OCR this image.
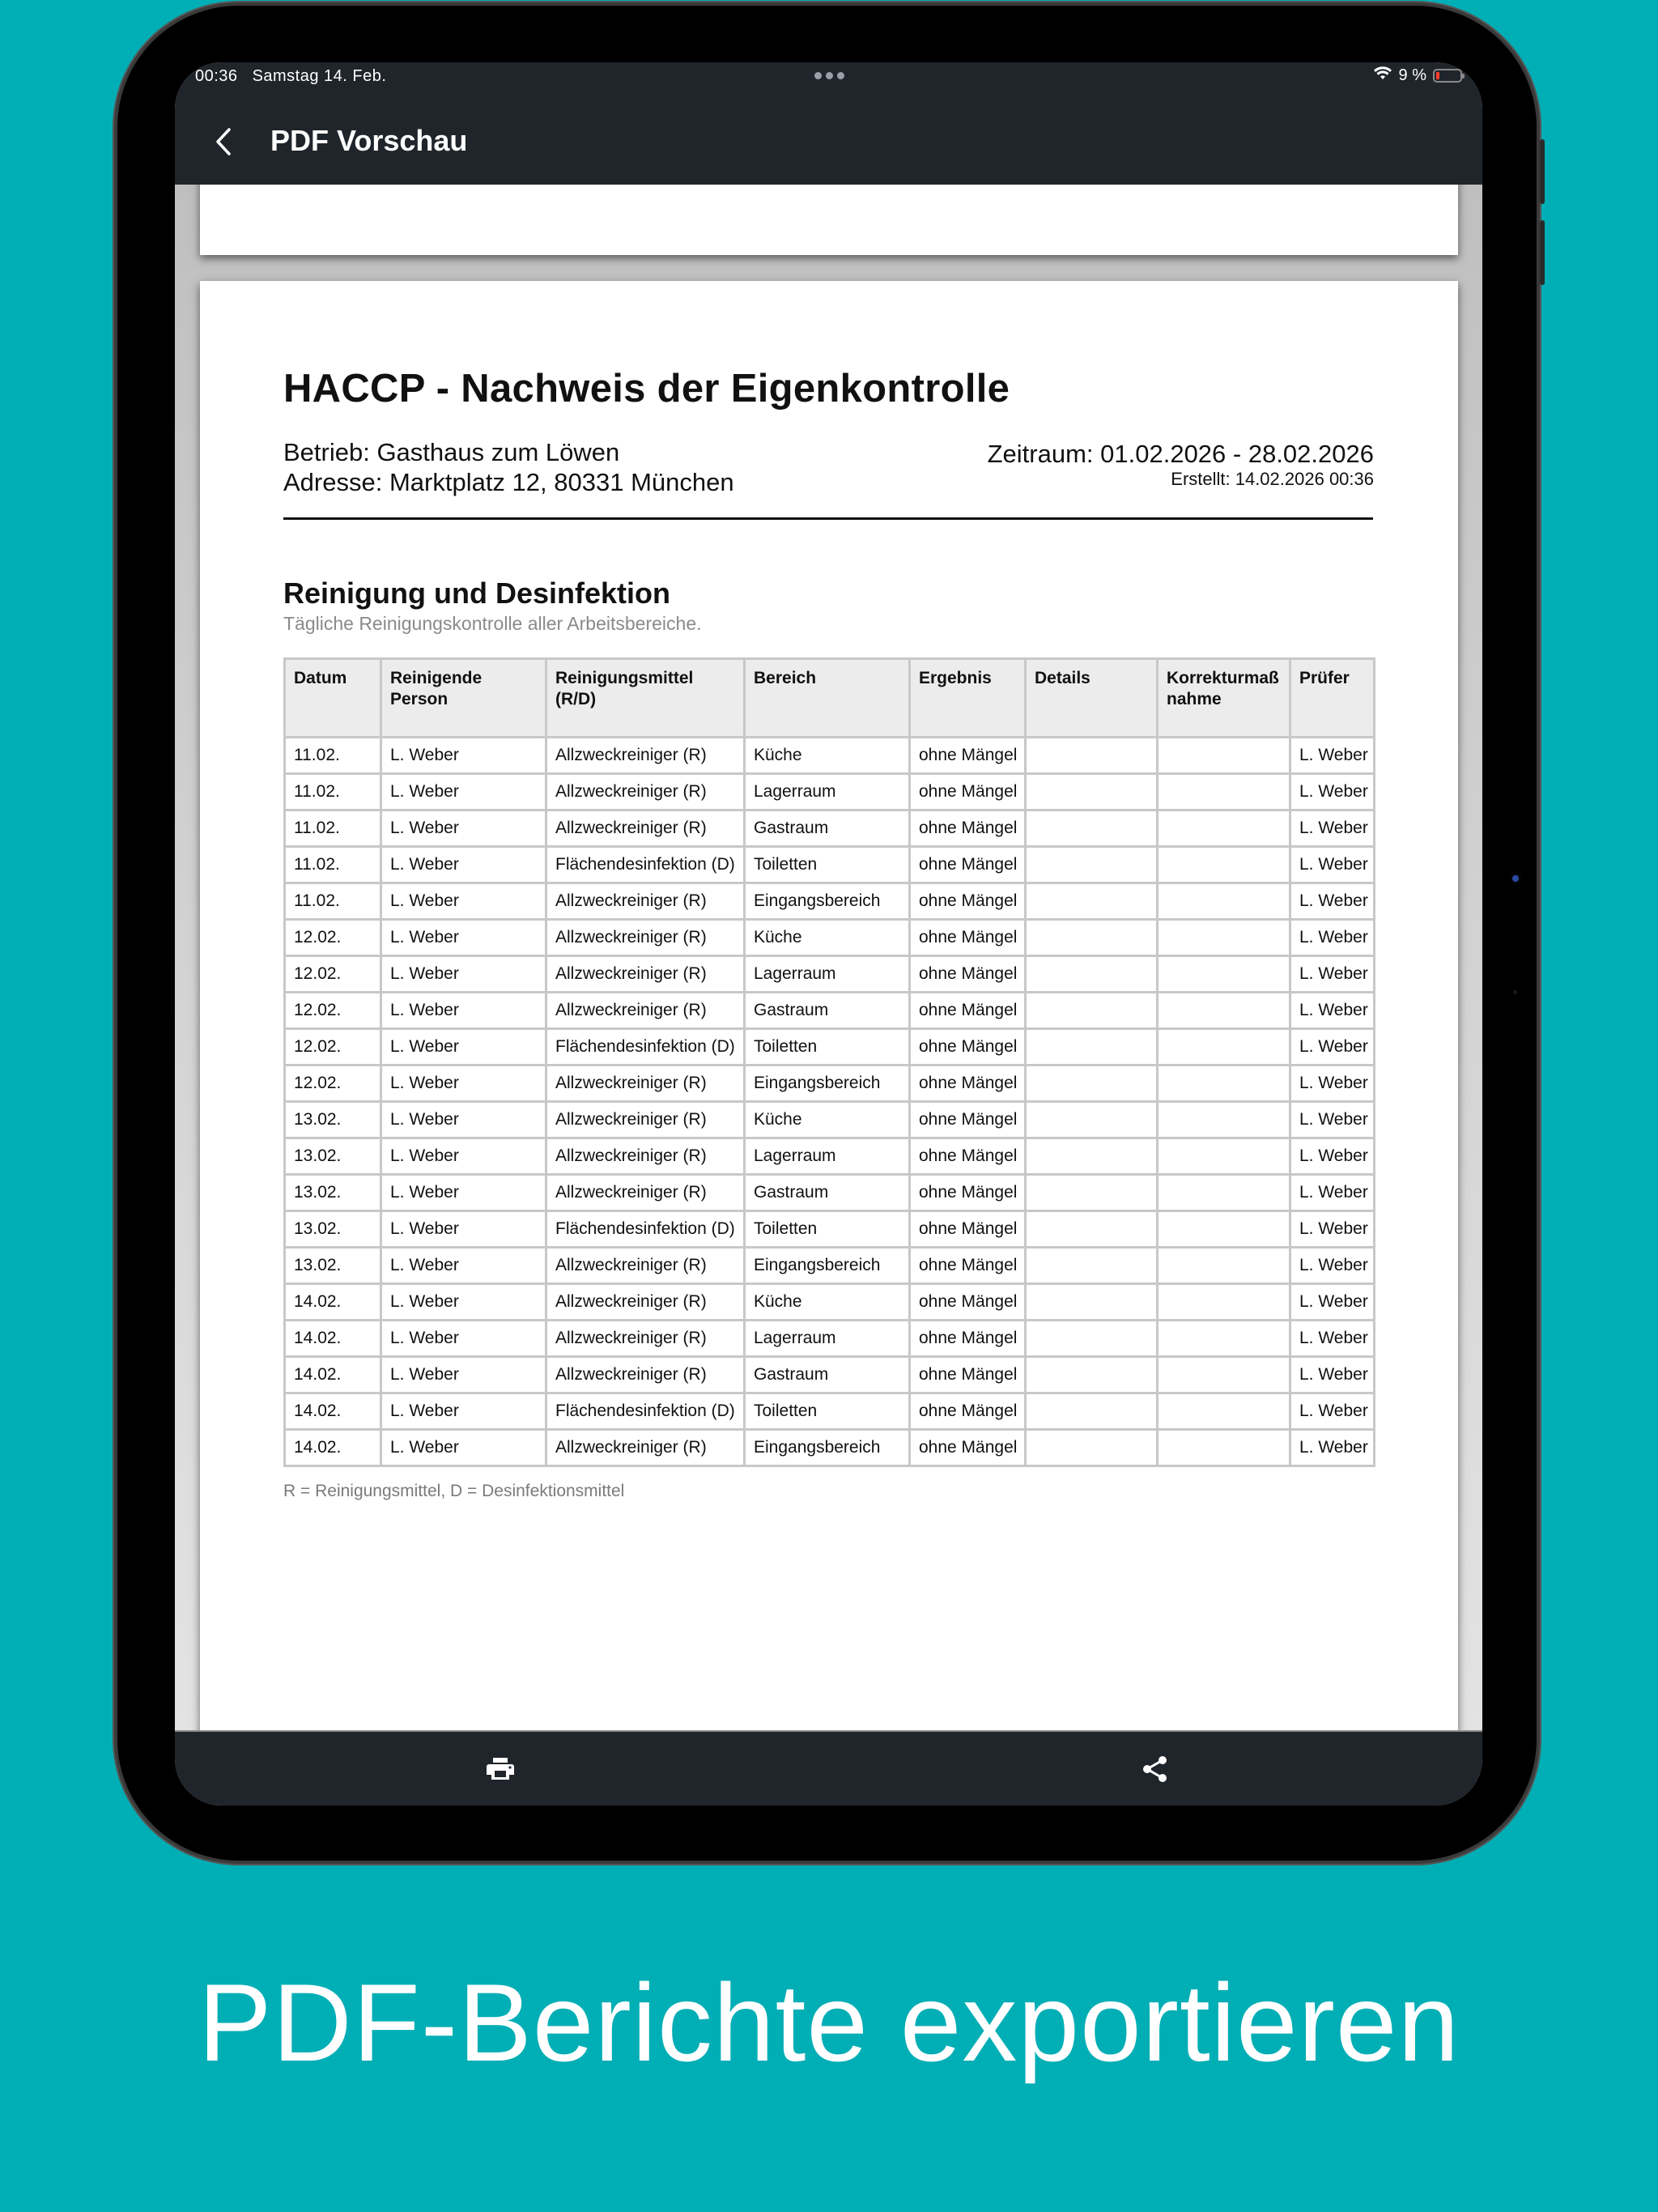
00:36 Samstag 14. Feb.	9 %
PDF Vorschau
HACCP - Nachweis der Eigenkontrolle
Betrieb: Gasthaus zum Löwen
Adresse: Marktplatz 12, 80331 München
Zeitraum: 01.02.2026 - 28.02.2026
Erstellt: 14.02.2026 00:36
Reinigung und Desinfektion
Tägliche Reinigungskontrolle aller Arbeitsbereiche.
Datum	Reinigende Person	Reinigungsmittel (R/D)	Bereich	Ergebnis	Details	Korrekturmaß nahme	Prüfer
11.02.	L. Weber	Allzweckreiniger (R)	Küche	ohne Mängel			L. Weber
11.02.	L. Weber	Allzweckreiniger (R)	Lagerraum	ohne Mängel			L. Weber
11.02.	L. Weber	Allzweckreiniger (R)	Gastraum	ohne Mängel			L. Weber
11.02.	L. Weber	Flächendesinfektion (D)	Toiletten	ohne Mängel			L. Weber
11.02.	L. Weber	Allzweckreiniger (R)	Eingangsbereich	ohne Mängel			L. Weber
12.02.	L. Weber	Allzweckreiniger (R)	Küche	ohne Mängel			L. Weber
12.02.	L. Weber	Allzweckreiniger (R)	Lagerraum	ohne Mängel			L. Weber
12.02.	L. Weber	Allzweckreiniger (R)	Gastraum	ohne Mängel			L. Weber
12.02.	L. Weber	Flächendesinfektion (D)	Toiletten	ohne Mängel			L. Weber
12.02.	L. Weber	Allzweckreiniger (R)	Eingangsbereich	ohne Mängel			L. Weber
13.02.	L. Weber	Allzweckreiniger (R)	Küche	ohne Mängel			L. Weber
13.02.	L. Weber	Allzweckreiniger (R)	Lagerraum	ohne Mängel			L. Weber
13.02.	L. Weber	Allzweckreiniger (R)	Gastraum	ohne Mängel			L. Weber
13.02.	L. Weber	Flächendesinfektion (D)	Toiletten	ohne Mängel			L. Weber
13.02.	L. Weber	Allzweckreiniger (R)	Eingangsbereich	ohne Mängel			L. Weber
14.02.	L. Weber	Allzweckreiniger (R)	Küche	ohne Mängel			L. Weber
14.02.	L. Weber	Allzweckreiniger (R)	Lagerraum	ohne Mängel			L. Weber
14.02.	L. Weber	Allzweckreiniger (R)	Gastraum	ohne Mängel			L. Weber
14.02.	L. Weber	Flächendesinfektion (D)	Toiletten	ohne Mängel			L. Weber
14.02.	L. Weber	Allzweckreiniger (R)	Eingangsbereich	ohne Mängel			L. Weber
R = Reinigungsmittel, D = Desinfektionsmittel
PDF-Berichte exportieren
